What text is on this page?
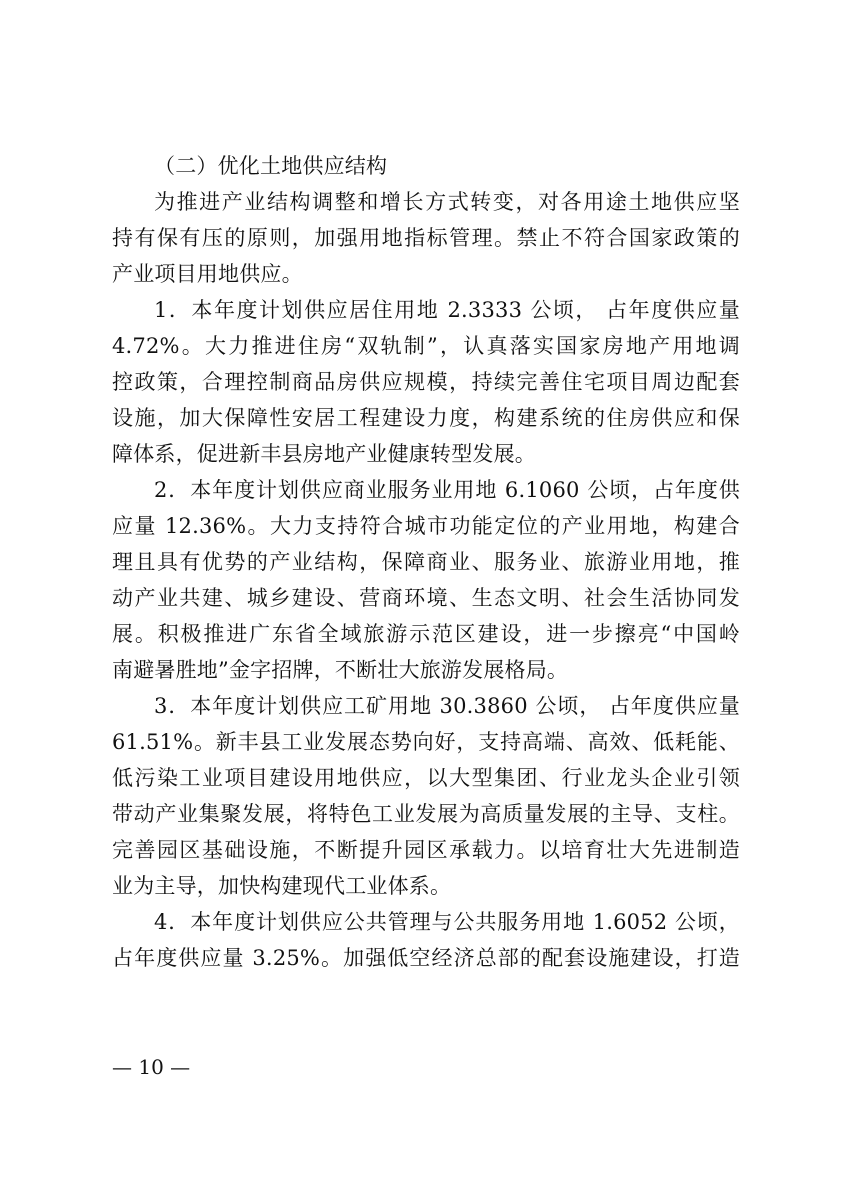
（二）优化土地供应结构
为推进产业结构调整和增长方式转变，对各用途土地供应坚
持有保有压的原则，加强用地指标管理。禁止不符合国家政策的
产业项目用地供应。
1．本年度计划供应居住用地 2.3333 公顷， 占年度供应量
4.72%。大力推进住房“双轨制”，认真落实国家房地产用地调
控政策，合理控制商品房供应规模，持续完善住宅项目周边配套
设施，加大保障性安居工程建设力度，构建系统的住房供应和保
障体系，促进新丰县房地产业健康转型发展。
2．本年度计划供应商业服务业用地 6.1060 公顷，占年度供
应量 12.36%。大力支持符合城市功能定位的产业用地，构建合
理且具有优势的产业结构，保障商业、服务业、旅游业用地，推
动产业共建、城乡建设、营商环境、生态文明、社会生活协同发
展。积极推进广东省全域旅游示范区建设，进一步擦亮“中国岭
南避暑胜地”金字招牌，不断壮大旅游发展格局。
3．本年度计划供应工矿用地 30.3860 公顷， 占年度供应量
61.51%。新丰县工业发展态势向好，支持高端、高效、低耗能、
低污染工业项目建设用地供应，以大型集团、行业龙头企业引领
带动产业集聚发展，将特色工业发展为高质量发展的主导、支柱。
完善园区基础设施，不断提升园区承载力。以培育壮大先进制造
业为主导，加快构建现代工业体系。
4．本年度计划供应公共管理与公共服务用地 1.6052 公顷，
占年度供应量 3.25%。加强低空经济总部的配套设施建设，打造
— 10 —
